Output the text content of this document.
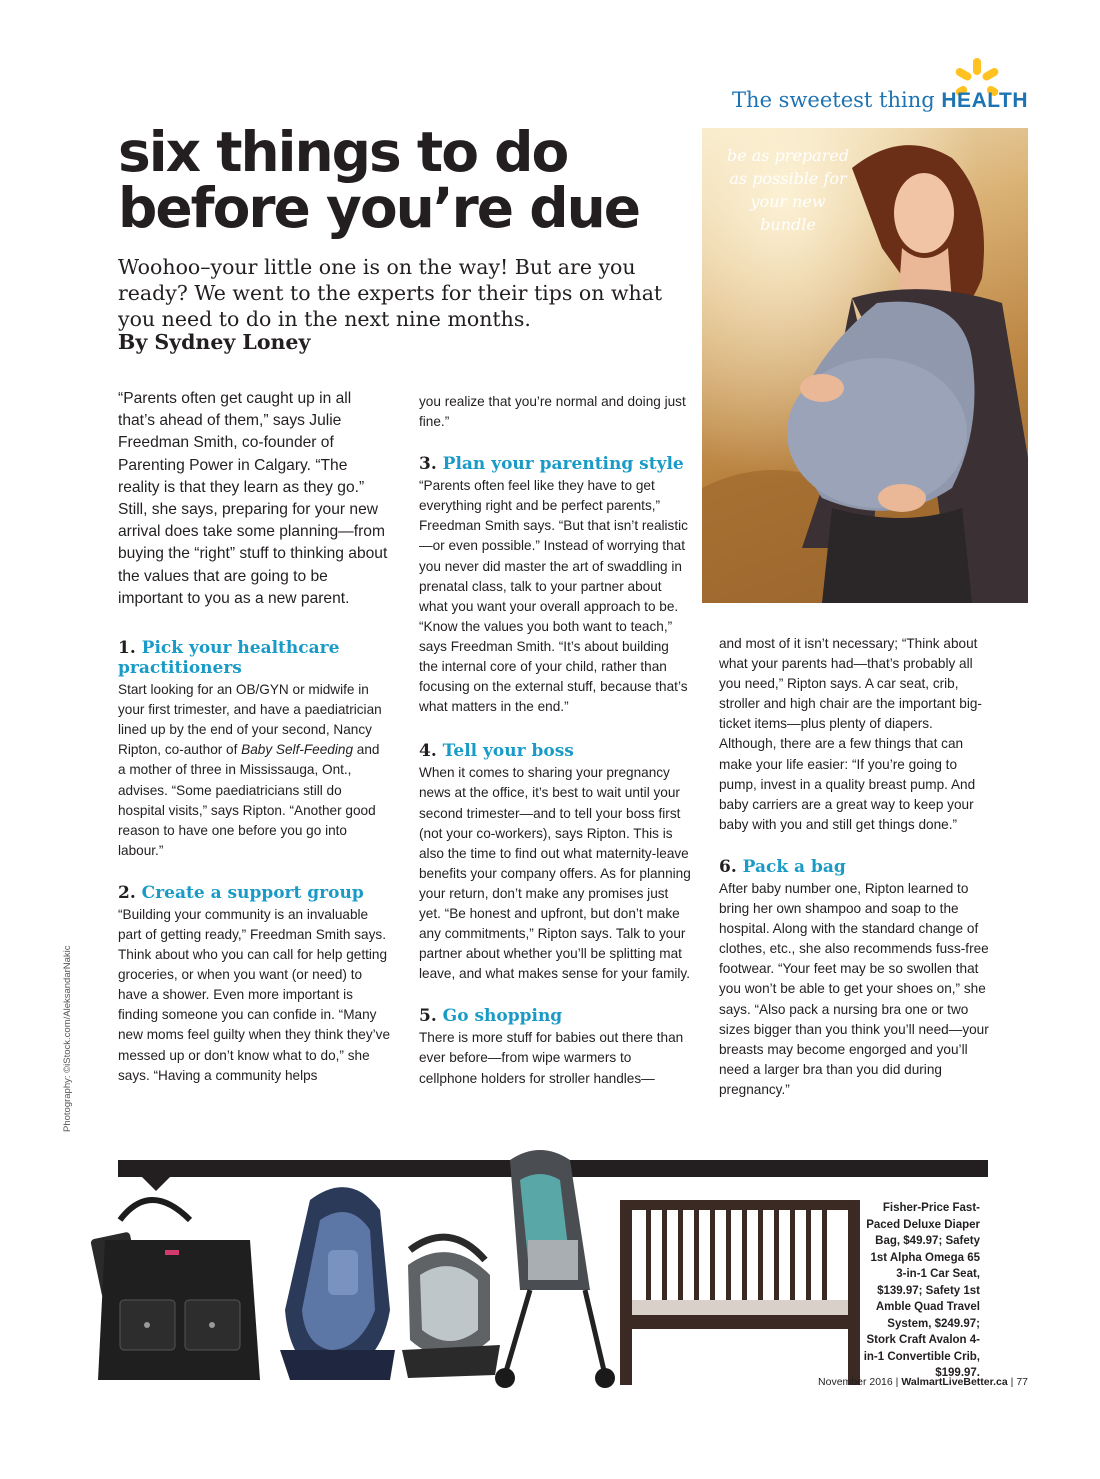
The sweetest thing HEALTH
six things to do
before you’re due

Woohoo–your little one is on the way! But are you ready? We went to the experts for their tips on what you need to do in the next nine months.

By Sydney Loney

be as prepared as possible for your new bundle

Photography: ©iStock.com/AleksandarNakic

“Parents often get caught up in all that’s ahead of them,” says Julie Freedman Smith, co-founder of Parenting Power in Calgary. “The reality is that they learn as they go.” Still, she says, preparing for your new arrival does take some planning—from buying the “right” stuff to thinking about the values that are going to be important to you as a new parent.

1. Pick your healthcare practitioners

Start looking for an OB/GYN or midwife in your first trimester, and have a paediatrician lined up by the end of your second, Nancy Ripton, co-author of Baby Self-Feeding and a mother of three in Mississauga, Ont., advises. “Some paediatricians still do hospital visits,” says Ripton. “Another good reason to have one before you go into labour.”

2. Create a support group

“Building your community is an invaluable part of getting ready,” Freedman Smith says. Think about who you can call for help getting groceries, or when you want (or need) to have a shower. Even more important is finding someone you can confide in. “Many new moms feel guilty when they think they’ve messed up or don’t know what to do,” she says. “Having a community helps

you realize that you’re normal and doing just fine.”

3. Plan your parenting style

“Parents often feel like they have to get everything right and be perfect parents,” Freedman Smith says. “But that isn’t realistic—or even possible.” Instead of worrying that you never did master the art of swaddling in prenatal class, talk to your partner about what you want your overall approach to be. “Know the values you both want to teach,” says Freedman Smith. “It’s about building the internal core of your child, rather than focusing on the external stuff, because that’s what matters in the end.”

4. Tell your boss

When it comes to sharing your pregnancy news at the office, it’s best to wait until your second trimester—and to tell your boss first (not your co-workers), says Ripton. This is also the time to find out what maternity-leave benefits your company offers. As for planning your return, don’t make any promises just yet. “Be honest and upfront, but don’t make any commitments,” Ripton says. Talk to your partner about whether you’ll be splitting mat leave, and what makes sense for your family.

5. Go shopping

There is more stuff for babies out there than ever before—from wipe warmers to cellphone holders for stroller handles—

and most of it isn’t necessary; “Think about what your parents had—that’s probably all you need,” Ripton says. A car seat, crib, stroller and high chair are the important big-ticket items—plus plenty of diapers. Although, there are a few things that can make your life easier: “If you’re going to pump, invest in a quality breast pump. And baby carriers are a great way to keep your baby with you and still get things done.”

6. Pack a bag

After baby number one, Ripton learned to bring her own shampoo and soap to the hospital. Along with the standard change of clothes, etc., she also recommends fuss-free footwear. “Your feet may be so swollen that you won’t be able to get your shoes on,” she says. “Also pack a nursing bra one or two sizes bigger than you think you’ll need—your breasts may become engorged and you’ll need a larger bra than you did during pregnancy.”

Fisher-Price Fast-Paced Deluxe Diaper Bag, $49.97; Safety 1st Alpha Omega 65 3-in-1 Car Seat, $139.97; Safety 1st Amble Quad Travel System, $249.97; Stork Craft Avalon 4-in-1 Convertible Crib, $199.97.

November 2016 | WalmartLiveBetter.ca | 77
